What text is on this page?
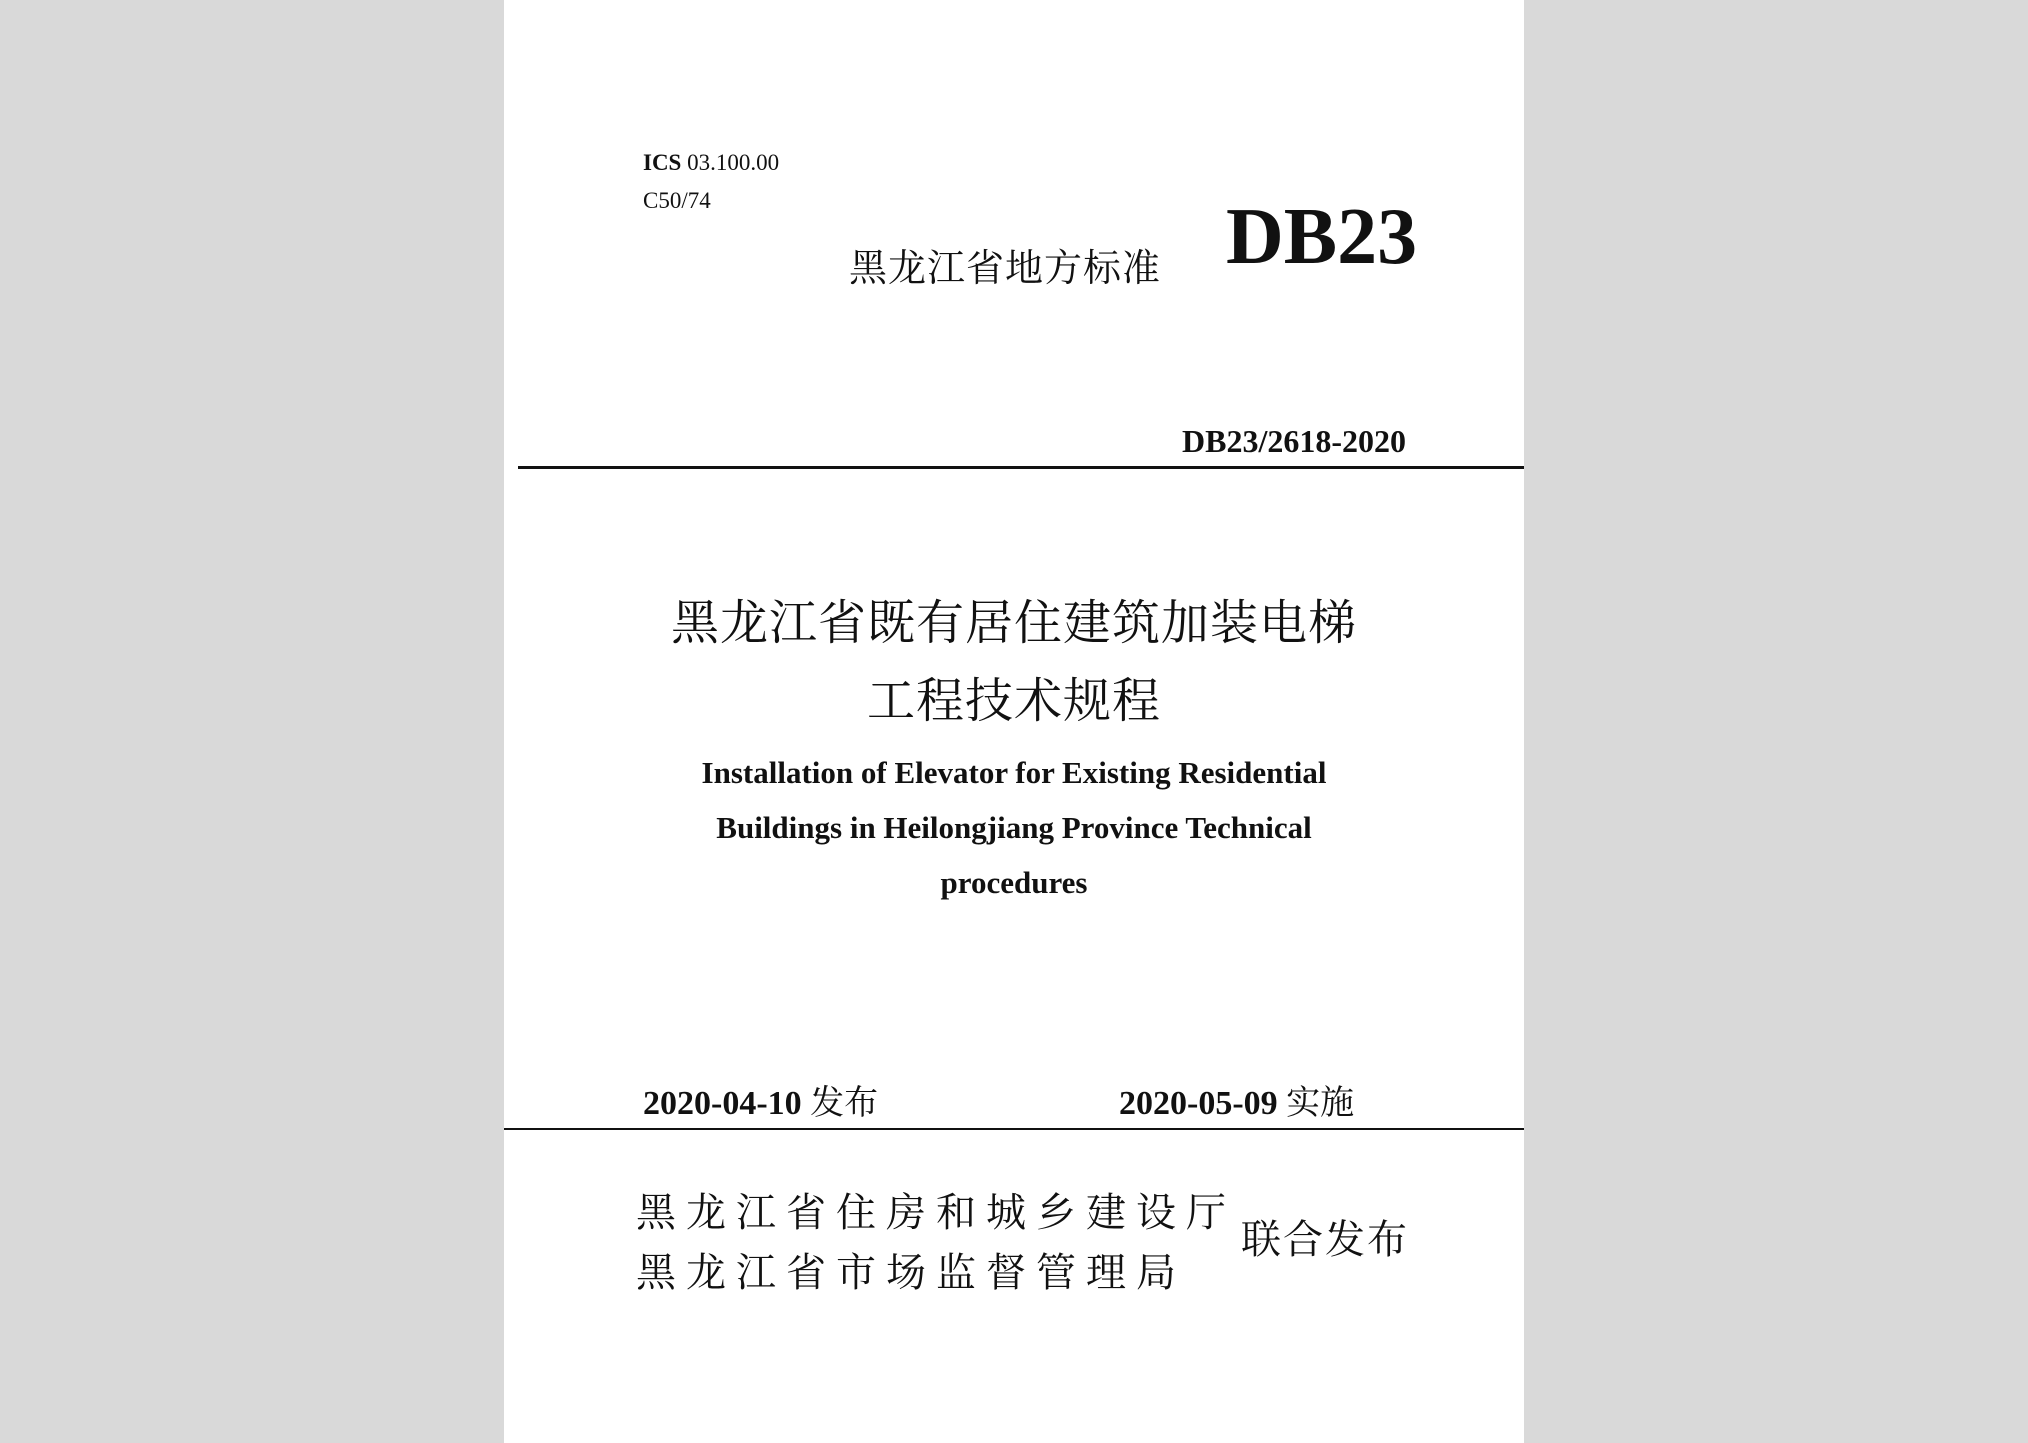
ICS 03.100.00
C50/74
黑龙江省地方标准 DB23
DB23/2618-2020
黑龙江省既有居住建筑加装电梯
工程技术规程
Installation of Elevator for Existing Residential
Buildings in Heilongjiang Province Technical
procedures
2020-04-10 发布	2020-05-09 实施
黑龙江省住房和城乡建设厅
黑龙江省市场监督管理局
联合发布
